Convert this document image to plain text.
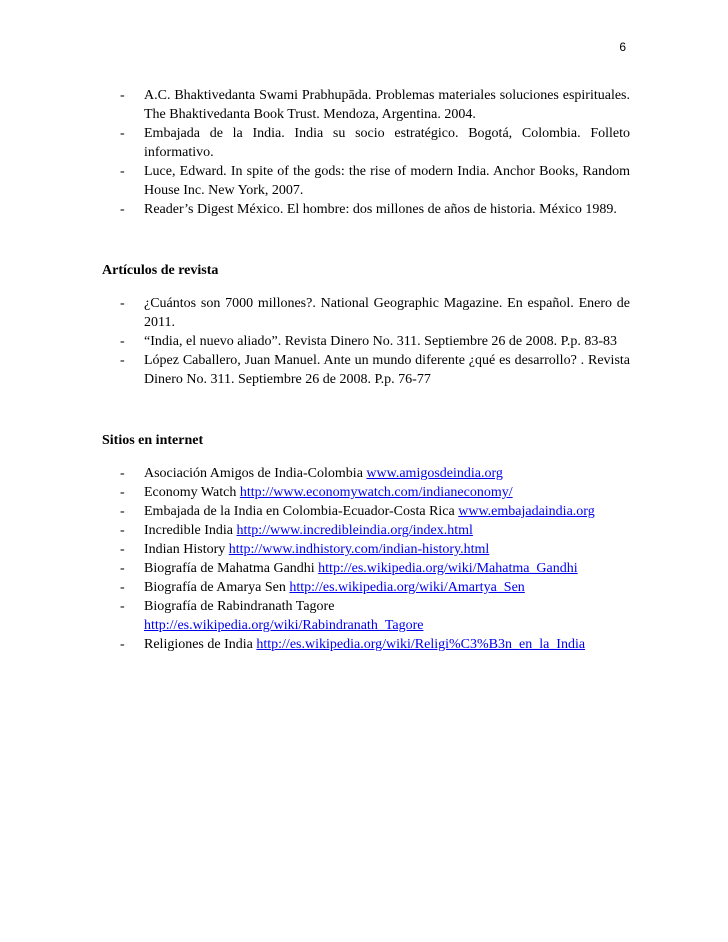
6
- A.C. Bhaktivedanta Swami Prabhupāda. Problemas materiales soluciones espirituales. The Bhaktivedanta Book Trust. Mendoza, Argentina. 2004.
- Embajada de la India. India su socio estratégico. Bogotá, Colombia. Folleto informativo.
- Luce, Edward. In spite of the gods: the rise of modern India. Anchor Books, Random House Inc. New York, 2007.
- Reader’s Digest México. El hombre: dos millones de años de historia. México 1989.

Artículos de revista

- ¿Cuántos son 7000 millones?. National Geographic Magazine. En español. Enero de 2011.
- “India, el nuevo aliado”. Revista Dinero No. 311. Septiembre 26 de 2008. P.p. 83-83
- López Caballero, Juan Manuel. Ante un mundo diferente ¿qué es desarrollo? . Revista Dinero No. 311. Septiembre 26 de 2008. P.p. 76-77

Sitios en internet

- Asociación Amigos de India-Colombia www.amigosdeindia.org
- Economy Watch http://www.economywatch.com/indianeconomy/
- Embajada de la India en Colombia-Ecuador-Costa Rica www.embajadaindia.org
- Incredible India http://www.incredibleindia.org/index.html
- Indian History http://www.indhistory.com/indian-history.html
- Biografía de Mahatma Gandhi http://es.wikipedia.org/wiki/Mahatma_Gandhi
- Biografía de Amarya Sen http://es.wikipedia.org/wiki/Amartya_Sen
- Biografía de Rabindranath Tagore
http://es.wikipedia.org/wiki/Rabindranath_Tagore
- Religiones de India http://es.wikipedia.org/wiki/Religi%C3%B3n_en_la_India
